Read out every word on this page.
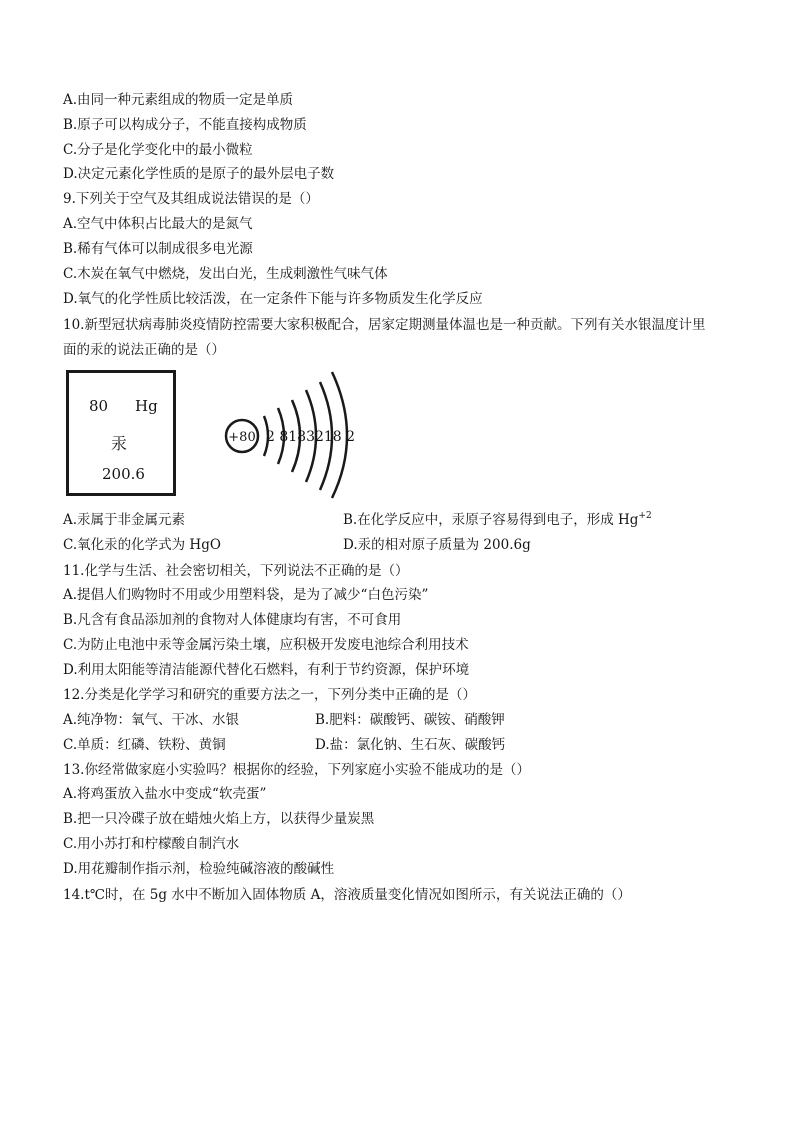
A.由同一种元素组成的物质一定是单质
B.原子可以构成分子，不能直接构成物质
C.分子是化学变化中的最小微粒
D.决定元素化学性质的是原子的最外层电子数
9.下列关于空气及其组成说法错误的是（）
A.空气中体积占比最大的是氮气
B.稀有气体可以制成很多电光源
C.木炭在氧气中燃烧，发出白光，生成刺激性气味气体
D.氧气的化学性质比较活泼，在一定条件下能与许多物质发生化学反应
10.新型冠状病毒肺炎疫情防控需要大家积极配合，居家定期测量体温也是一种贡献。下列有关水银温度计里
面的汞的说法正确的是（）
80 Hg
汞
200.6
+80 2 8183218 2
A.汞属于非金属元素	B.在化学反应中，汞原子容易得到电子，形成 $Hg^{+2}$
C.氧化汞的化学式为 HgO	D.汞的相对原子质量为 200.6g
11.化学与生活、社会密切相关，下列说法不正确的是（）
A.提倡人们购物时不用或少用塑料袋，是为了减少“白色污染”
B.凡含有食品添加剂的食物对人体健康均有害，不可食用
C.为防止电池中汞等金属污染土壤，应积极开发废电池综合利用技术
D.利用太阳能等清洁能源代替化石燃料，有利于节约资源，保护环境
12.分类是化学学习和研究的重要方法之一，下列分类中正确的是（）
A.纯净物：氧气、干冰、水银	B.肥料：碳酸钙、碳铵、硝酸钾
C.单质：红磷、铁粉、黄铜	D.盐：氯化钠、生石灰、碳酸钙
13.你经常做家庭小实验吗？根据你的经验，下列家庭小实验不能成功的是（）
A.将鸡蛋放入盐水中变成“软壳蛋”
B.把一只冷碟子放在蜡烛火焰上方，以获得少量炭黑
C.用小苏打和柠檬酸自制汽水
D.用花瓣制作指示剂，检验纯碱溶液的酸碱性
14.t℃时，在 5g 水中不断加入固体物质 A，溶液质量变化情况如图所示，有关说法正确的（）
